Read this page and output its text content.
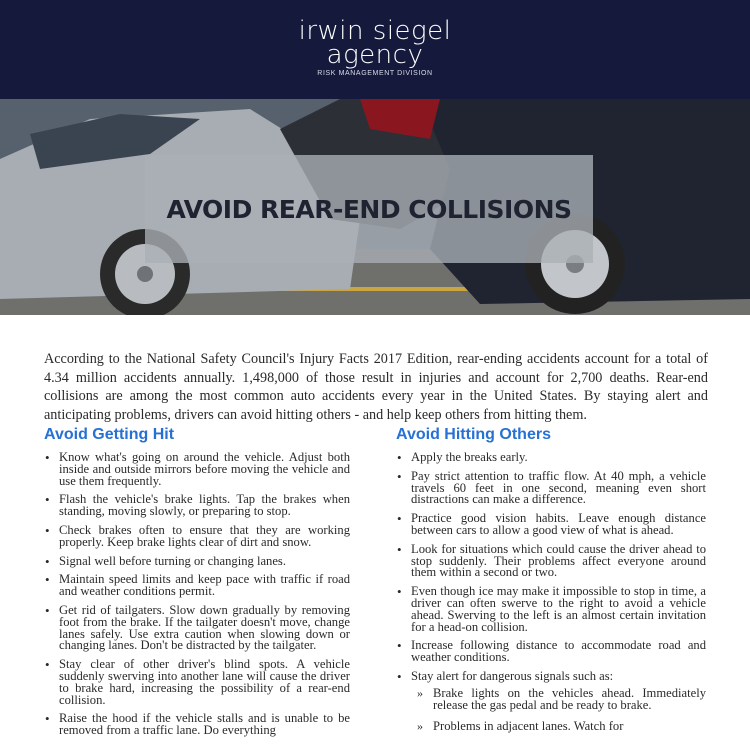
irwin siegel
agency
RISK MANAGEMENT DIVISION
AVOID REAR-END COLLISIONS

According to the National Safety Council's Injury Facts 2017 Edition, rear-ending accidents account for a total of 4.34 million accidents annually. 1,498,000 of those result in injuries and account for 2,700 deaths. Rear-end collisions are among the most common auto accidents every year in the United States. By staying alert and anticipating problems, drivers can avoid hitting others - and help keep others from hitting them.

Avoid Getting Hit
• Know what's going on around the vehicle. Adjust both inside and outside mirrors before moving the vehicle and use them frequently.
• Flash the vehicle's brake lights. Tap the brakes when standing, moving slowly, or preparing to stop.
• Check brakes often to ensure that they are working properly. Keep brake lights clear of dirt and snow.
• Signal well before turning or changing lanes.
• Maintain speed limits and keep pace with traffic if road and weather conditions permit.
• Get rid of tailgaters. Slow down gradually by removing foot from the brake. If the tailgater doesn't move, change lanes safely. Use extra caution when slowing down or changing lanes. Don't be distracted by the tailgater.
• Stay clear of other driver's blind spots. A vehicle suddenly swerving into another lane will cause the driver to brake hard, increasing the possibility of a rear-end collision.
• Raise the hood if the vehicle stalls and is unable to be removed from a traffic lane. Do everything
Avoid Hitting Others
• Apply the breaks early.
• Pay strict attention to traffic flow. At 40 mph, a vehicle travels 60 feet in one second, meaning even short distractions can make a difference.
• Practice good vision habits. Leave enough distance between cars to allow a good view of what is ahead.
• Look for situations which could cause the driver ahead to stop suddenly. Their problems affect everyone around them within a second or two.
• Even though ice may make it impossible to stop in time, a driver can often swerve to the right to avoid a vehicle ahead. Swerving to the left is an almost certain invitation for a head-on collision.
• Increase following distance to accommodate road and weather conditions.
• Stay alert for dangerous signals such as:
» Brake lights on the vehicles ahead. Immediately release the gas pedal and be ready to brake.
» Problems in adjacent lanes. Watch for
